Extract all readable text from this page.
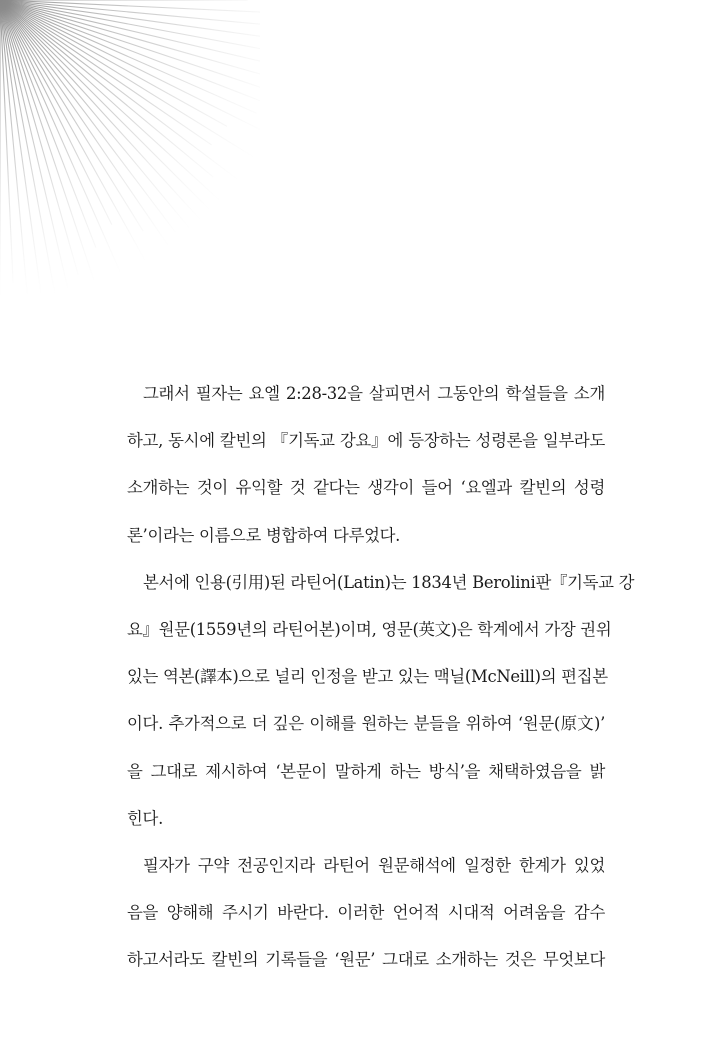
그래서 필자는 요엘 2:28-32을 살피면서 그동안의 학설들을 소개
하고, 동시에 칼빈의 『기독교 강요』에 등장하는 성령론을 일부라도
소개하는 것이 유익할 것 같다는 생각이 들어 ‘요엘과 칼빈의 성령
론’이라는 이름으로 병합하여 다루었다.
본서에 인용(引用)된 라틴어(Latin)는 1834년 Berolini판『기독교 강
요』원문(1559년의 라틴어본)이며, 영문(英文)은 학계에서 가장 권위
있는 역본(譯本)으로 널리 인정을 받고 있는 맥닐(McNeill)의 편집본
이다. 추가적으로 더 깊은 이해를 원하는 분들을 위하여 ‘원문(原文)’
을 그대로 제시하여 ‘본문이 말하게 하는 방식’을 채택하였음을 밝
힌다.
필자가 구약 전공인지라 라틴어 원문해석에 일정한 한계가 있었
음을 양해해 주시기 바란다. 이러한 언어적 시대적 어려움을 감수
하고서라도 칼빈의 기록들을 ‘원문’ 그대로 소개하는 것은 무엇보다
